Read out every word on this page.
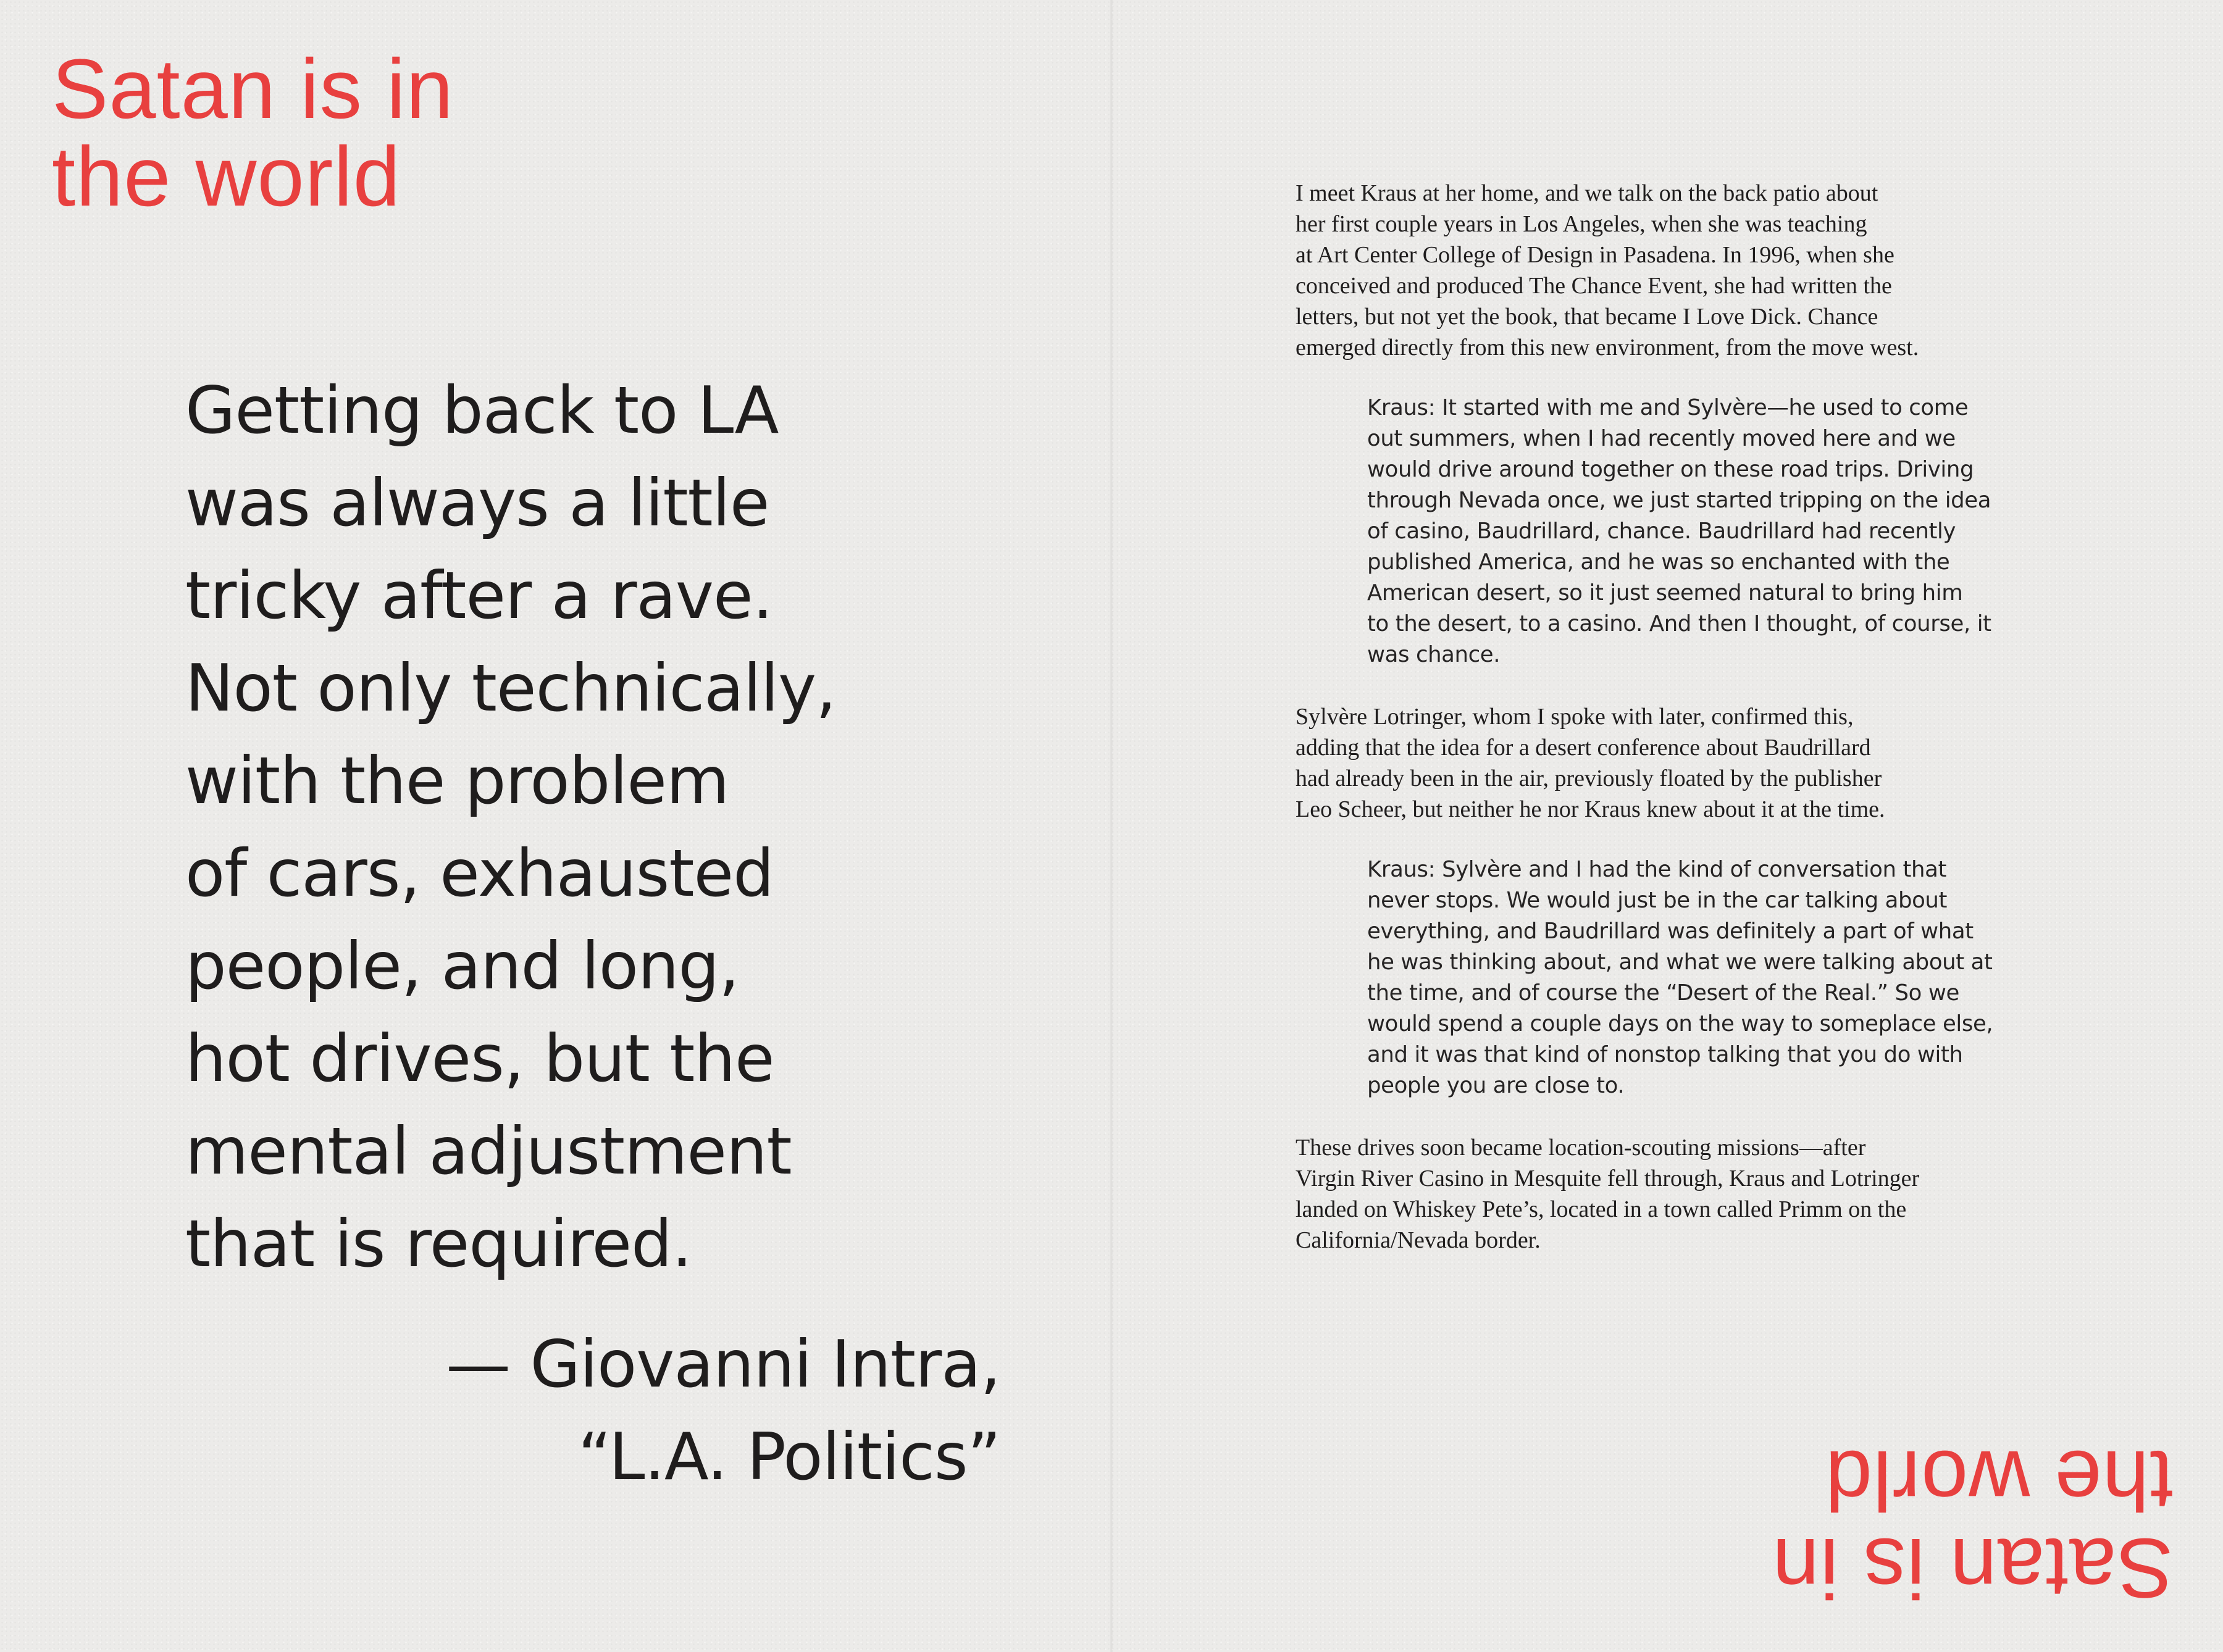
Satan is in
the world
Getting back to LA
was always a little
tricky after a rave.
Not only technically,
with the problem
of cars, exhausted
people, and long,
hot drives, but the
mental adjustment
that is required.
— Giovanni Intra,
“L.A. Politics”

I meet Kraus at her home, and we talk on the back patio about
her first couple years in Los Angeles, when she was teaching
at Art Center College of Design in Pasadena. In 1996, when she
conceived and produced The Chance Event, she had written the
letters, but not yet the book, that became I Love Dick. Chance
emerged directly from this new environment, from the move west.

Kraus: It started with me and Sylvère—he used to come
out summers, when I had recently moved here and we
would drive around together on these road trips. Driving
through Nevada once, we just started tripping on the idea
of casino, Baudrillard, chance. Baudrillard had recently
published America, and he was so enchanted with the
American desert, so it just seemed natural to bring him
to the desert, to a casino. And then I thought, of course, it
was chance.

Sylvère Lotringer, whom I spoke with later, confirmed this,
adding that the idea for a desert conference about Baudrillard
had already been in the air, previously floated by the publisher
Leo Scheer, but neither he nor Kraus knew about it at the time.

Kraus: Sylvère and I had the kind of conversation that
never stops. We would just be in the car talking about
everything, and Baudrillard was definitely a part of what
he was thinking about, and what we were talking about at
the time, and of course the “Desert of the Real.” So we
would spend a couple days on the way to someplace else,
and it was that kind of nonstop talking that you do with
people you are close to.

These drives soon became location-scouting missions—after
Virgin River Casino in Mesquite fell through, Kraus and Lotringer
landed on Whiskey Pete’s, located in a town called Primm on the
California/Nevada border.

Satan is in
the world
